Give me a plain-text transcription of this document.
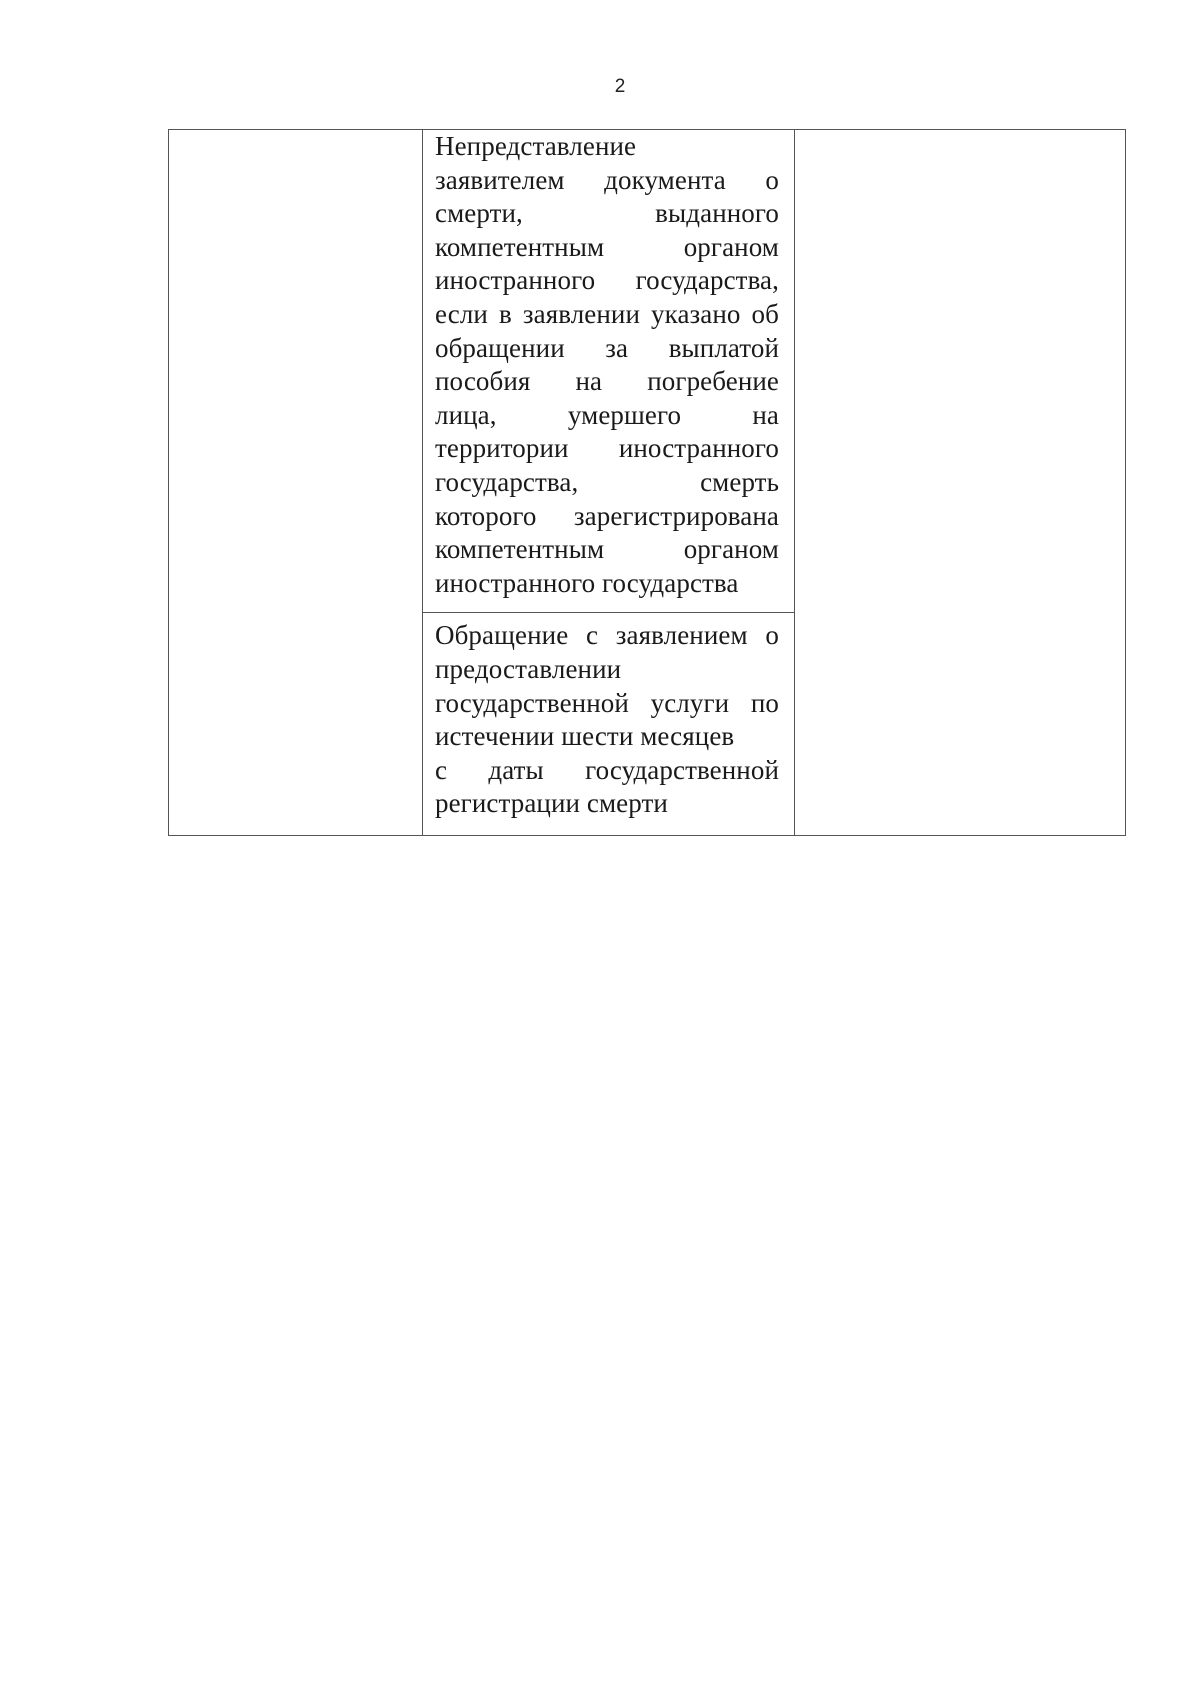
2

Непредставление
заявителем документа о
смерти, выданного
компетентным органом
иностранного государства,
если в заявлении указано об
обращении за выплатой
пособия на погребение
лица, умершего на
территории иностранного
государства, смерть
которого зарегистрирована
компетентным органом
иностранного государства

Обращение с заявлением о
предоставлении
государственной услуги по
истечении шести месяцев
с даты государственной
регистрации смерти
